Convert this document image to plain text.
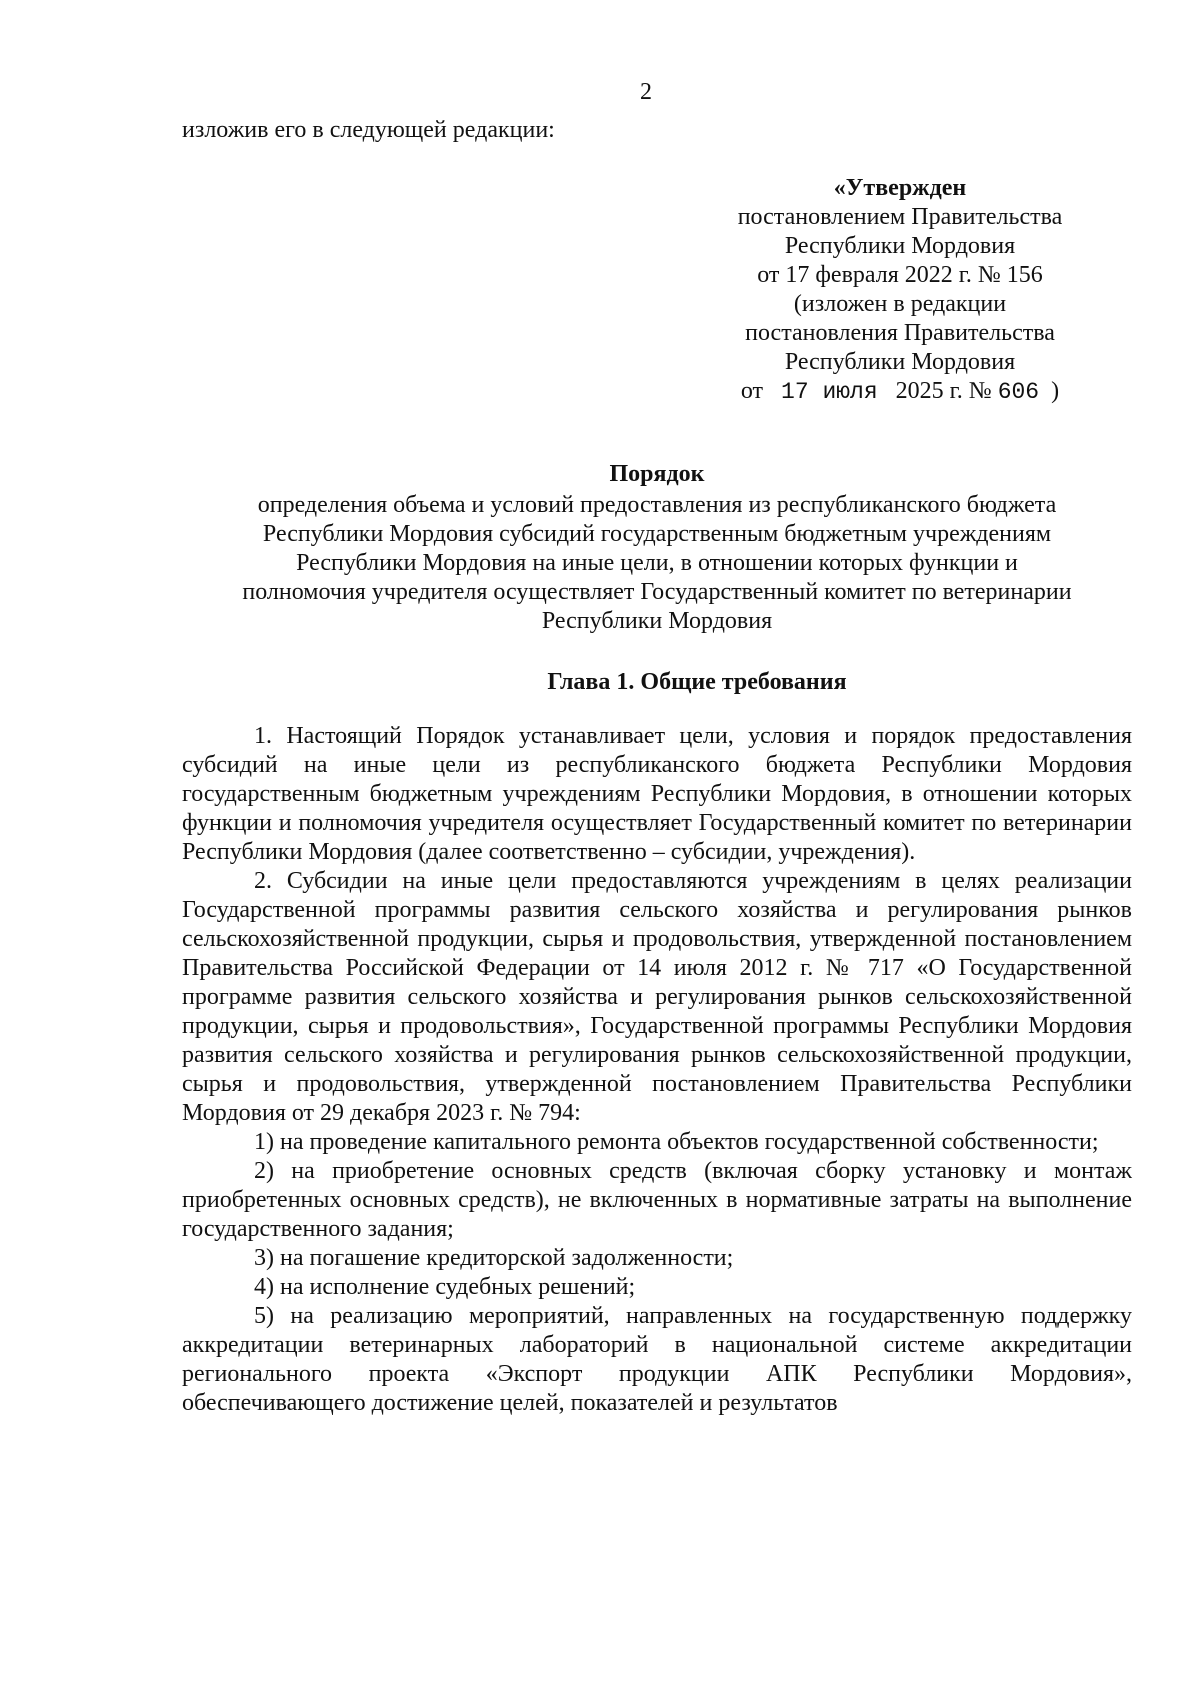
2
изложив его в следующей редакции:
«Утвержден
постановлением Правительства
Республики Мордовия
от 17 февраля 2022 г. № 156
(изложен в редакции
постановления Правительства
Республики Мордовия
от 17 июля 2025 г. № 606 )
Порядок
определения объема и условий предоставления из республиканского бюджета Республики Мордовия субсидий государственным бюджетным учреждениям Республики Мордовия на иные цели, в отношении которых функции и полномочия учредителя осуществляет Государственный комитет по ветеринарии Республики Мордовия
Глава 1. Общие требования

1. Настоящий Порядок устанавливает цели, условия и порядок предоставления субсидий на иные цели из республиканского бюджета Республики Мордовия государственным бюджетным учреждениям Республики Мордовия, в отношении которых функции и полномочия учредителя осуществляет Государственный комитет по ветеринарии Республики Мордовия (далее соответственно – субсидии, учреждения).

2. Субсидии на иные цели предоставляются учреждениям в целях реализации Государственной программы развития сельского хозяйства и регулирования рынков сельскохозяйственной продукции, сырья и продовольствия, утвержденной постановлением Правительства Российской Федерации от 14 июля 2012 г. № 717 «О Государственной программе развития сельского хозяйства и регулирования рынков сельскохозяйственной продукции, сырья и продовольствия», Государственной программы Республики Мордовия развития сельского хозяйства и регулирования рынков сельскохозяйственной продукции, сырья и продовольствия, утвержденной постановлением Правительства Республики Мордовия от 29 декабря 2023 г. № 794:

1) на проведение капитального ремонта объектов государственной собственности;

2) на приобретение основных средств (включая сборку установку и монтаж приобретенных основных средств), не включенных в нормативные затраты на выполнение государственного задания;

3) на погашение кредиторской задолженности;

4) на исполнение судебных решений;

5) на реализацию мероприятий, направленных на государственную поддержку аккредитации ветеринарных лабораторий в национальной системе аккредитации регионального проекта «Экспорт продукции АПК Республики Мордовия», обеспечивающего достижение целей, показателей и результатов
